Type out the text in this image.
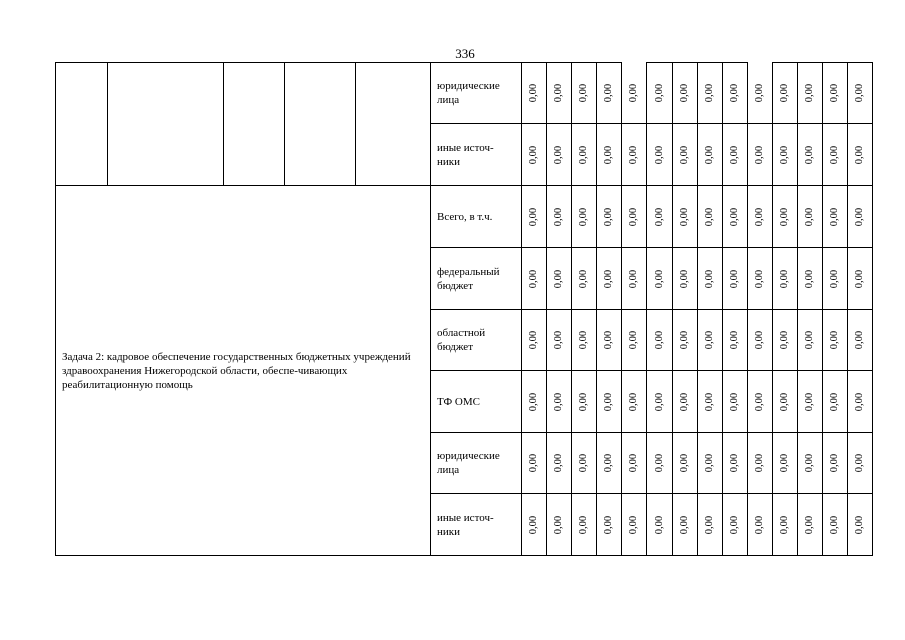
336
					юридические лица	0,00	0,00	0,00	0,00	0,00	0,00	0,00	0,00	0,00	0,00	0,00	0,00	0,00	0,00

					иные источ-ники	0,00	0,00	0,00	0,00	0,00	0,00	0,00	0,00	0,00	0,00	0,00	0,00	0,00	0,00

Задача 2: кадровое обеспечение государственных бюджетных учреждений здравоохранения Нижегородской области, обеспе-чивающих реабилитационную помощь					Всего, в т.ч.	0,00	0,00	0,00	0,00	0,00	0,00	0,00	0,00	0,00	0,00	0,00	0,00	0,00	0,00

					федеральный бюджет	0,00	0,00	0,00	0,00	0,00	0,00	0,00	0,00	0,00	0,00	0,00	0,00	0,00	0,00

					областной бюджет	0,00	0,00	0,00	0,00	0,00	0,00	0,00	0,00	0,00	0,00	0,00	0,00	0,00	0,00

					ТФ ОМС	0,00	0,00	0,00	0,00	0,00	0,00	0,00	0,00	0,00	0,00	0,00	0,00	0,00	0,00

					юридические лица	0,00	0,00	0,00	0,00	0,00	0,00	0,00	0,00	0,00	0,00	0,00	0,00	0,00	0,00

					иные источ-ники	0,00	0,00	0,00	0,00	0,00	0,00	0,00	0,00	0,00	0,00	0,00	0,00	0,00	0,00
